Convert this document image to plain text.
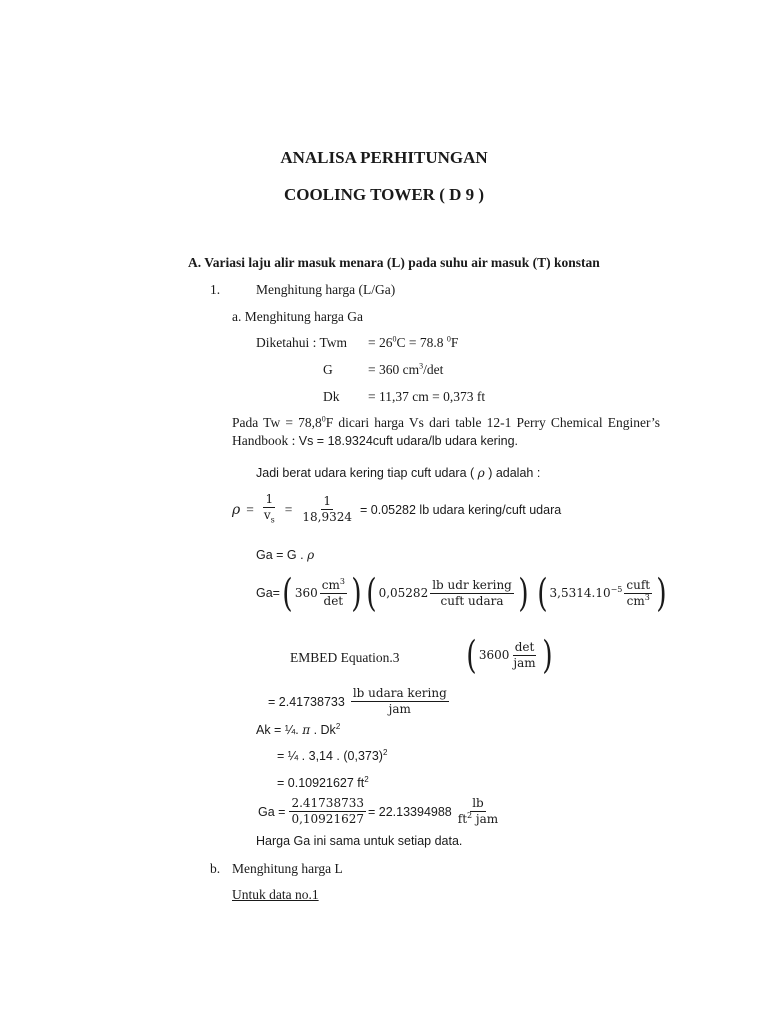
ANALISA PERHITUNGAN
COOLING TOWER ( D 9 )
A. Variasi laju alir masuk menara (L) pada suhu air masuk (T) konstan
1.	Menghitung harga (L/Ga)
a. Menghitung harga Ga
Diketahui : Twm = $26^0C = 78.8$ $^0$F
G	= 360 $cm^3/\det$
Dk = 11,37 cm = 0,373 ft
Pada $Tw = 78,8^0F$ dicari harga Vs dari table 12-1 Perry Chemical Enginer’s Handbook : Vs = 18.9324cuft udara/lb udara kering.
Jadi berat udara kering tiap cuft udara ( ρ ) adalah :
$\rho = \frac{1}{v_s} = \frac{1}{18,9324} = 0.05282$ lb udara kering/cuft udara
Ga = G . ρ
Ga= ( $360 \frac{cm^3}{\det}$ ) ( $0,05282 \frac{\text{lb udr kering}}{\text{cuft udara}}$ ) ( $3,5314.10^{-5} \frac{\text{cuft}}{cm^3}$ )
EMBED Equation.3 ( $3600 \frac{\det}{\text{jam}}$ )
= $2.41738733 \frac{\text{lb udara kering}}{\text{jam}}$
Ak = ¼. π . $Dk^2$
= ¼ . 3,14 . $(0,373)^2$
= 0.10921627 $ft^2$
$Ga = \frac{2.41738733}{0,10921627} = 22.13394988 \frac{lb}{ft^2 jam}$
Harga Ga ini sama untuk setiap data.
b. Menghitung harga L
Untuk data no.1
